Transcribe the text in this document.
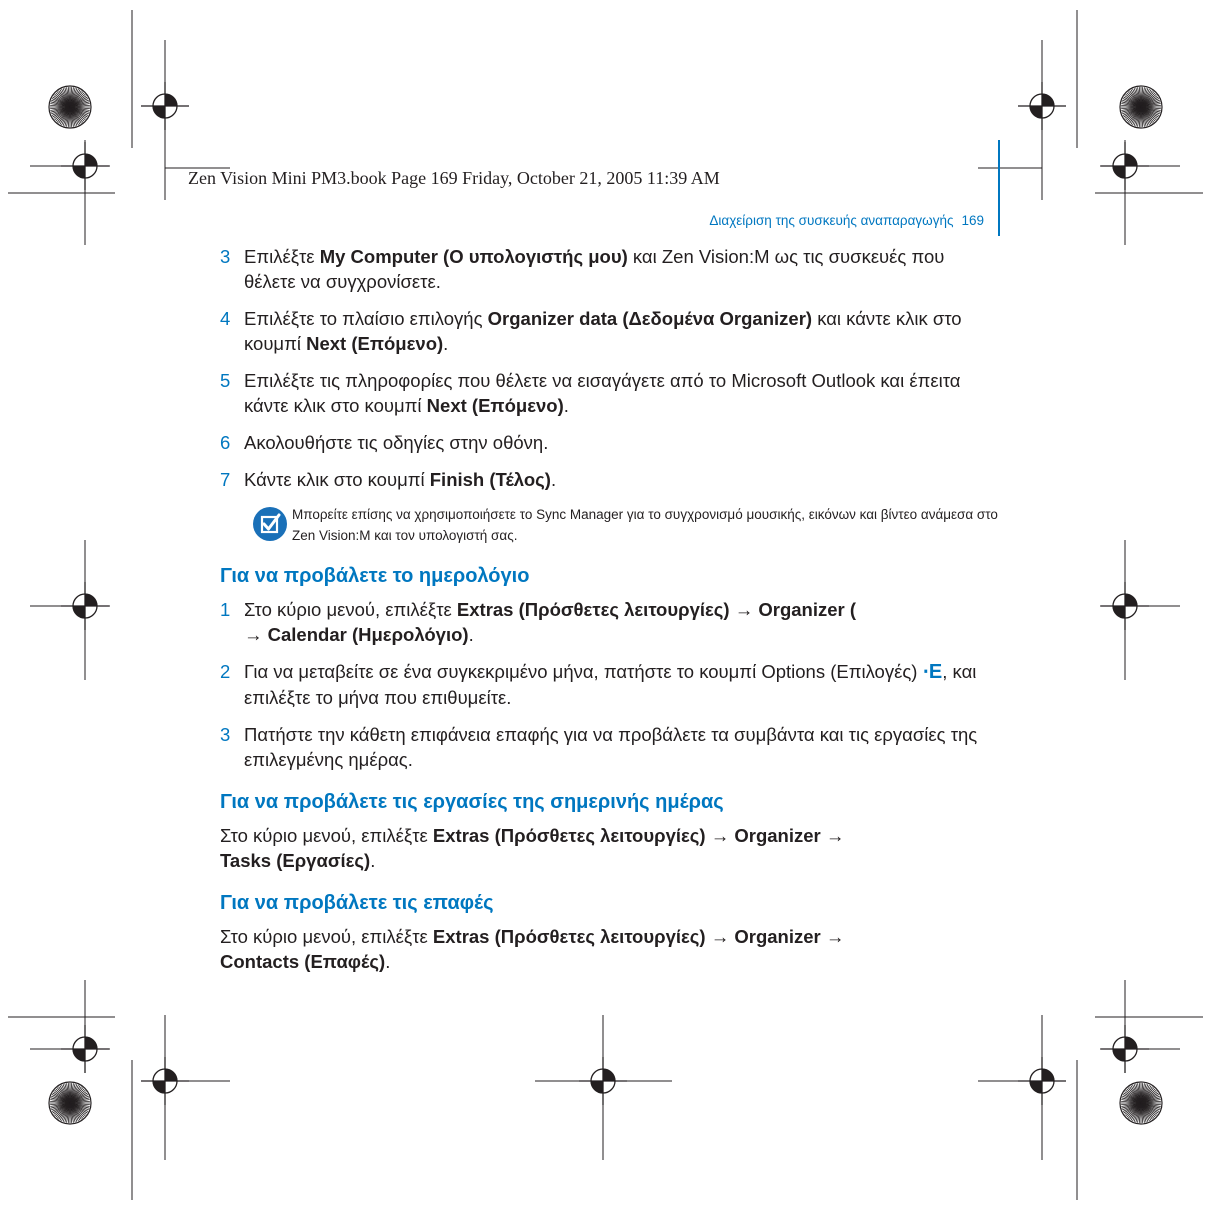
Zen Vision Mini PM3.book Page 169 Friday, October 21, 2005 11:39 AM
Διαχείριση της συσκευής αναπαραγωγής 169
3 Επιλέξτε My Computer (O υπολογιστής μου) και Zen Vision:M ως τις συσκευές που θέλετε να συγχρονίσετε.
4 Επιλέξτε το πλαίσιο επιλογής Organizer data (Δεδομένα Organizer) και κάντε κλικ στο κουμπί Next (Επόμενο).
5 Επιλέξτε τις πληροφορίες που θέλετε να εισαγάγετε από το Microsoft Outlook και έπειτα κάντε κλικ στο κουμπί Next (Επόμενο).
6 Ακολουθήστε τις οδηγίες στην οθόνη.
7 Κάντε κλικ στο κουμπί Finish (Τέλος).
Μπορείτε επίσης να χρησιμοποιήσετε το Sync Manager για το συγχρονισμό μουσικής, εικόνων και βίντεο ανάμεσα στο Zen Vision:M και τον υπολογιστή σας.
Για να προβάλετε το ημερολόγιο
1 Στο κύριο μενού, επιλέξτε Extras (Πρόσθετες λειτουργίες) → Organizer (
→ Calendar (Ημερολόγιο).
2 Για να μεταβείτε σε ένα συγκεκριμένο μήνα, πατήστε το κουμπί Options (Επιλογές) ⋅E, και επιλέξτε το μήνα που επιθυμείτε.
3 Πατήστε την κάθετη επιφάνεια επαφής για να προβάλετε τα συμβάντα και τις εργασίες της επιλεγμένης ημέρας.
Για να προβάλετε τις εργασίες της σημερινής ημέρας
Στο κύριο μενού, επιλέξτε Extras (Πρόσθετες λειτουργίες) → Organizer →
Tasks (Εργασίες).
Για να προβάλετε τις επαφές
Στο κύριο μενού, επιλέξτε Extras (Πρόσθετες λειτουργίες) → Organizer →
Contacts (Επαφές).
